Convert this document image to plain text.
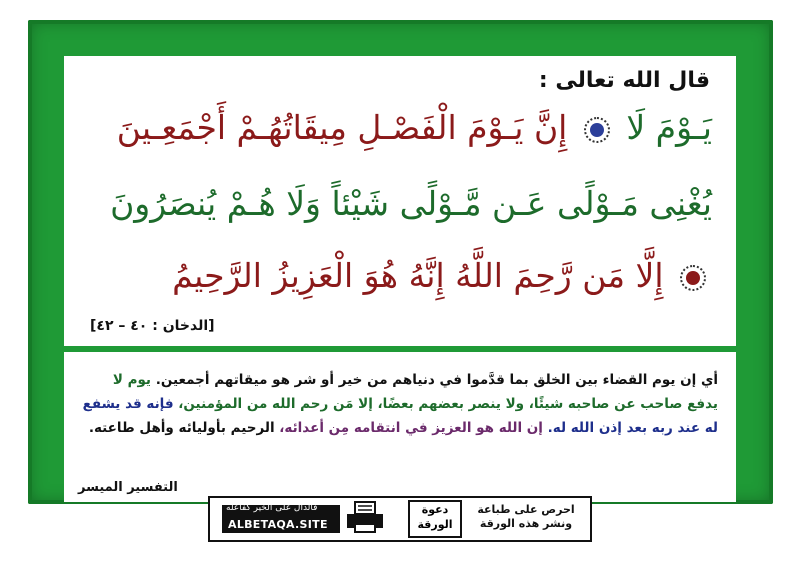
قال الله تعالى :
يَـوْمَ لَا  إِنَّ يَـوْمَ الْفَصْـلِ مِيقَاتُهُـمْ أَجْمَعِـينَ
يُغْنِى مَـوْلًى عَـن مَّـوْلًى شَيْئاً وَلَا هُـمْ يُنصَرُونَ
إِلَّا مَن رَّحِمَ اللَّهُ إِنَّهُ هُوَ الْعَزِيزُ الرَّحِيمُ
[الدخان : ٤٠ – ٤٢]
أي إن يوم القضاء بين الخلق بما قدَّموا في دنياهم من خير أو شر هو ميقاتهم أجمعين. يوم لا يدفع صاحب عن صاحبه شيئًا، ولا ينصر بعضهم بعضًا، إلا مَن رحم الله من المؤمنين، فإنه قد يشفع له عند ربه بعد إذن الله له. إن الله هو العزيز في انتقامه مِن أعدائه، الرحيم بأوليائه وأهل طاعته.
التفسير الميسر
فالدال على الخير كفاعله
ALBETAQA.SITE
دعوة الورقة
احرص على طباعة
ونشر هذه الورقة
